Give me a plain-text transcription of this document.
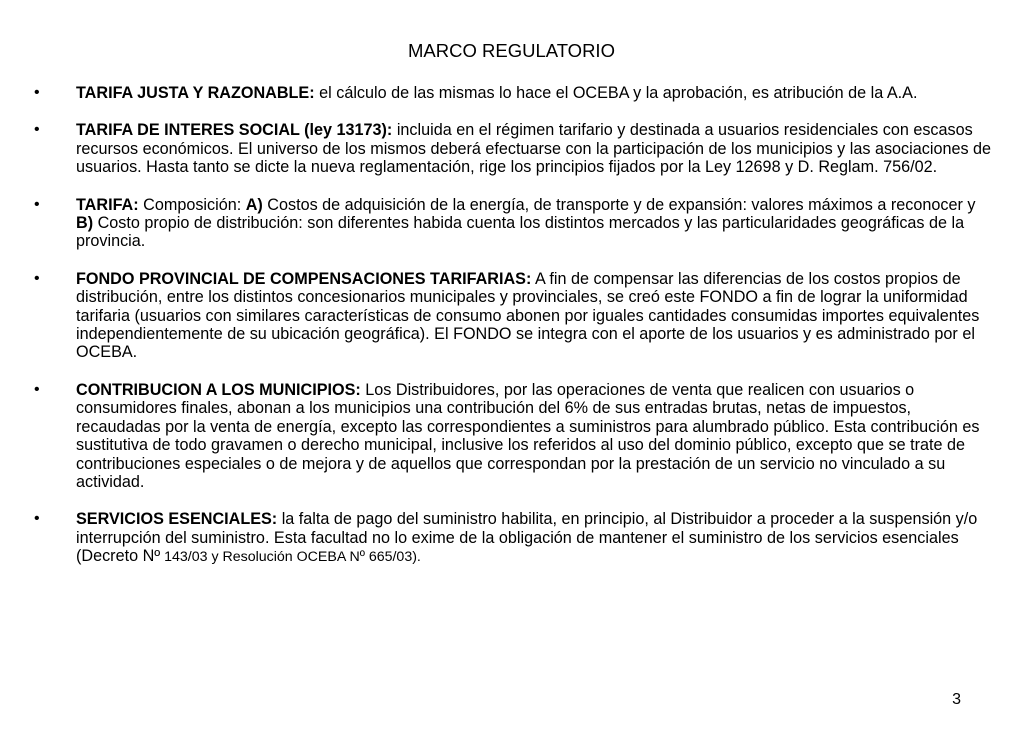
MARCO REGULATORIO
• TARIFA JUSTA Y RAZONABLE: el cálculo de las mismas lo hace el OCEBA y la aprobación, es atribución de la A.A.
• TARIFA DE INTERES SOCIAL (ley 13173): incluida en el régimen tarifario y destinada a usuarios residenciales con escasos recursos económicos. El universo de los mismos deberá efectuarse con la participación de los municipios y las asociaciones de usuarios. Hasta tanto se dicte la nueva reglamentación, rige los principios fijados por la Ley 12698 y D. Reglam. 756/02.
• TARIFA: Composición: A) Costos de adquisición de la energía, de transporte y de expansión: valores máximos a reconocer y B) Costo propio de distribución: son diferentes habida cuenta los distintos mercados y las particularidades geográficas de la provincia.
• FONDO PROVINCIAL DE COMPENSACIONES TARIFARIAS: A fin de compensar las diferencias de los costos propios de distribución, entre los distintos concesionarios municipales y provinciales, se creó este FONDO a fin de lograr la uniformidad tarifaria (usuarios con similares características de consumo abonen por iguales cantidades consumidas importes equivalentes independientemente de su ubicación geográfica). El FONDO se integra con el aporte de los usuarios y es administrado por el OCEBA.
• CONTRIBUCION A LOS MUNICIPIOS: Los Distribuidores, por las operaciones de venta que realicen con usuarios o consumidores finales, abonan a los municipios una contribución del 6% de sus entradas brutas, netas de impuestos, recaudadas por la venta de energía, excepto las correspondientes a suministros para alumbrado público. Esta contribución es sustitutiva de todo gravamen o derecho municipal, inclusive los referidos al uso del dominio público, excepto que se trate de contribuciones especiales o de mejora y de aquellos que correspondan por la prestación de un servicio no vinculado a su actividad.
• SERVICIOS ESENCIALES: la falta de pago del suministro habilita, en principio, al Distribuidor a proceder a la suspensión y/o interrupción del suministro. Esta facultad no lo exime de la obligación de mantener el suministro de los servicios esenciales (Decreto Nº 143/03 y Resolución OCEBA Nº 665/03).
3
